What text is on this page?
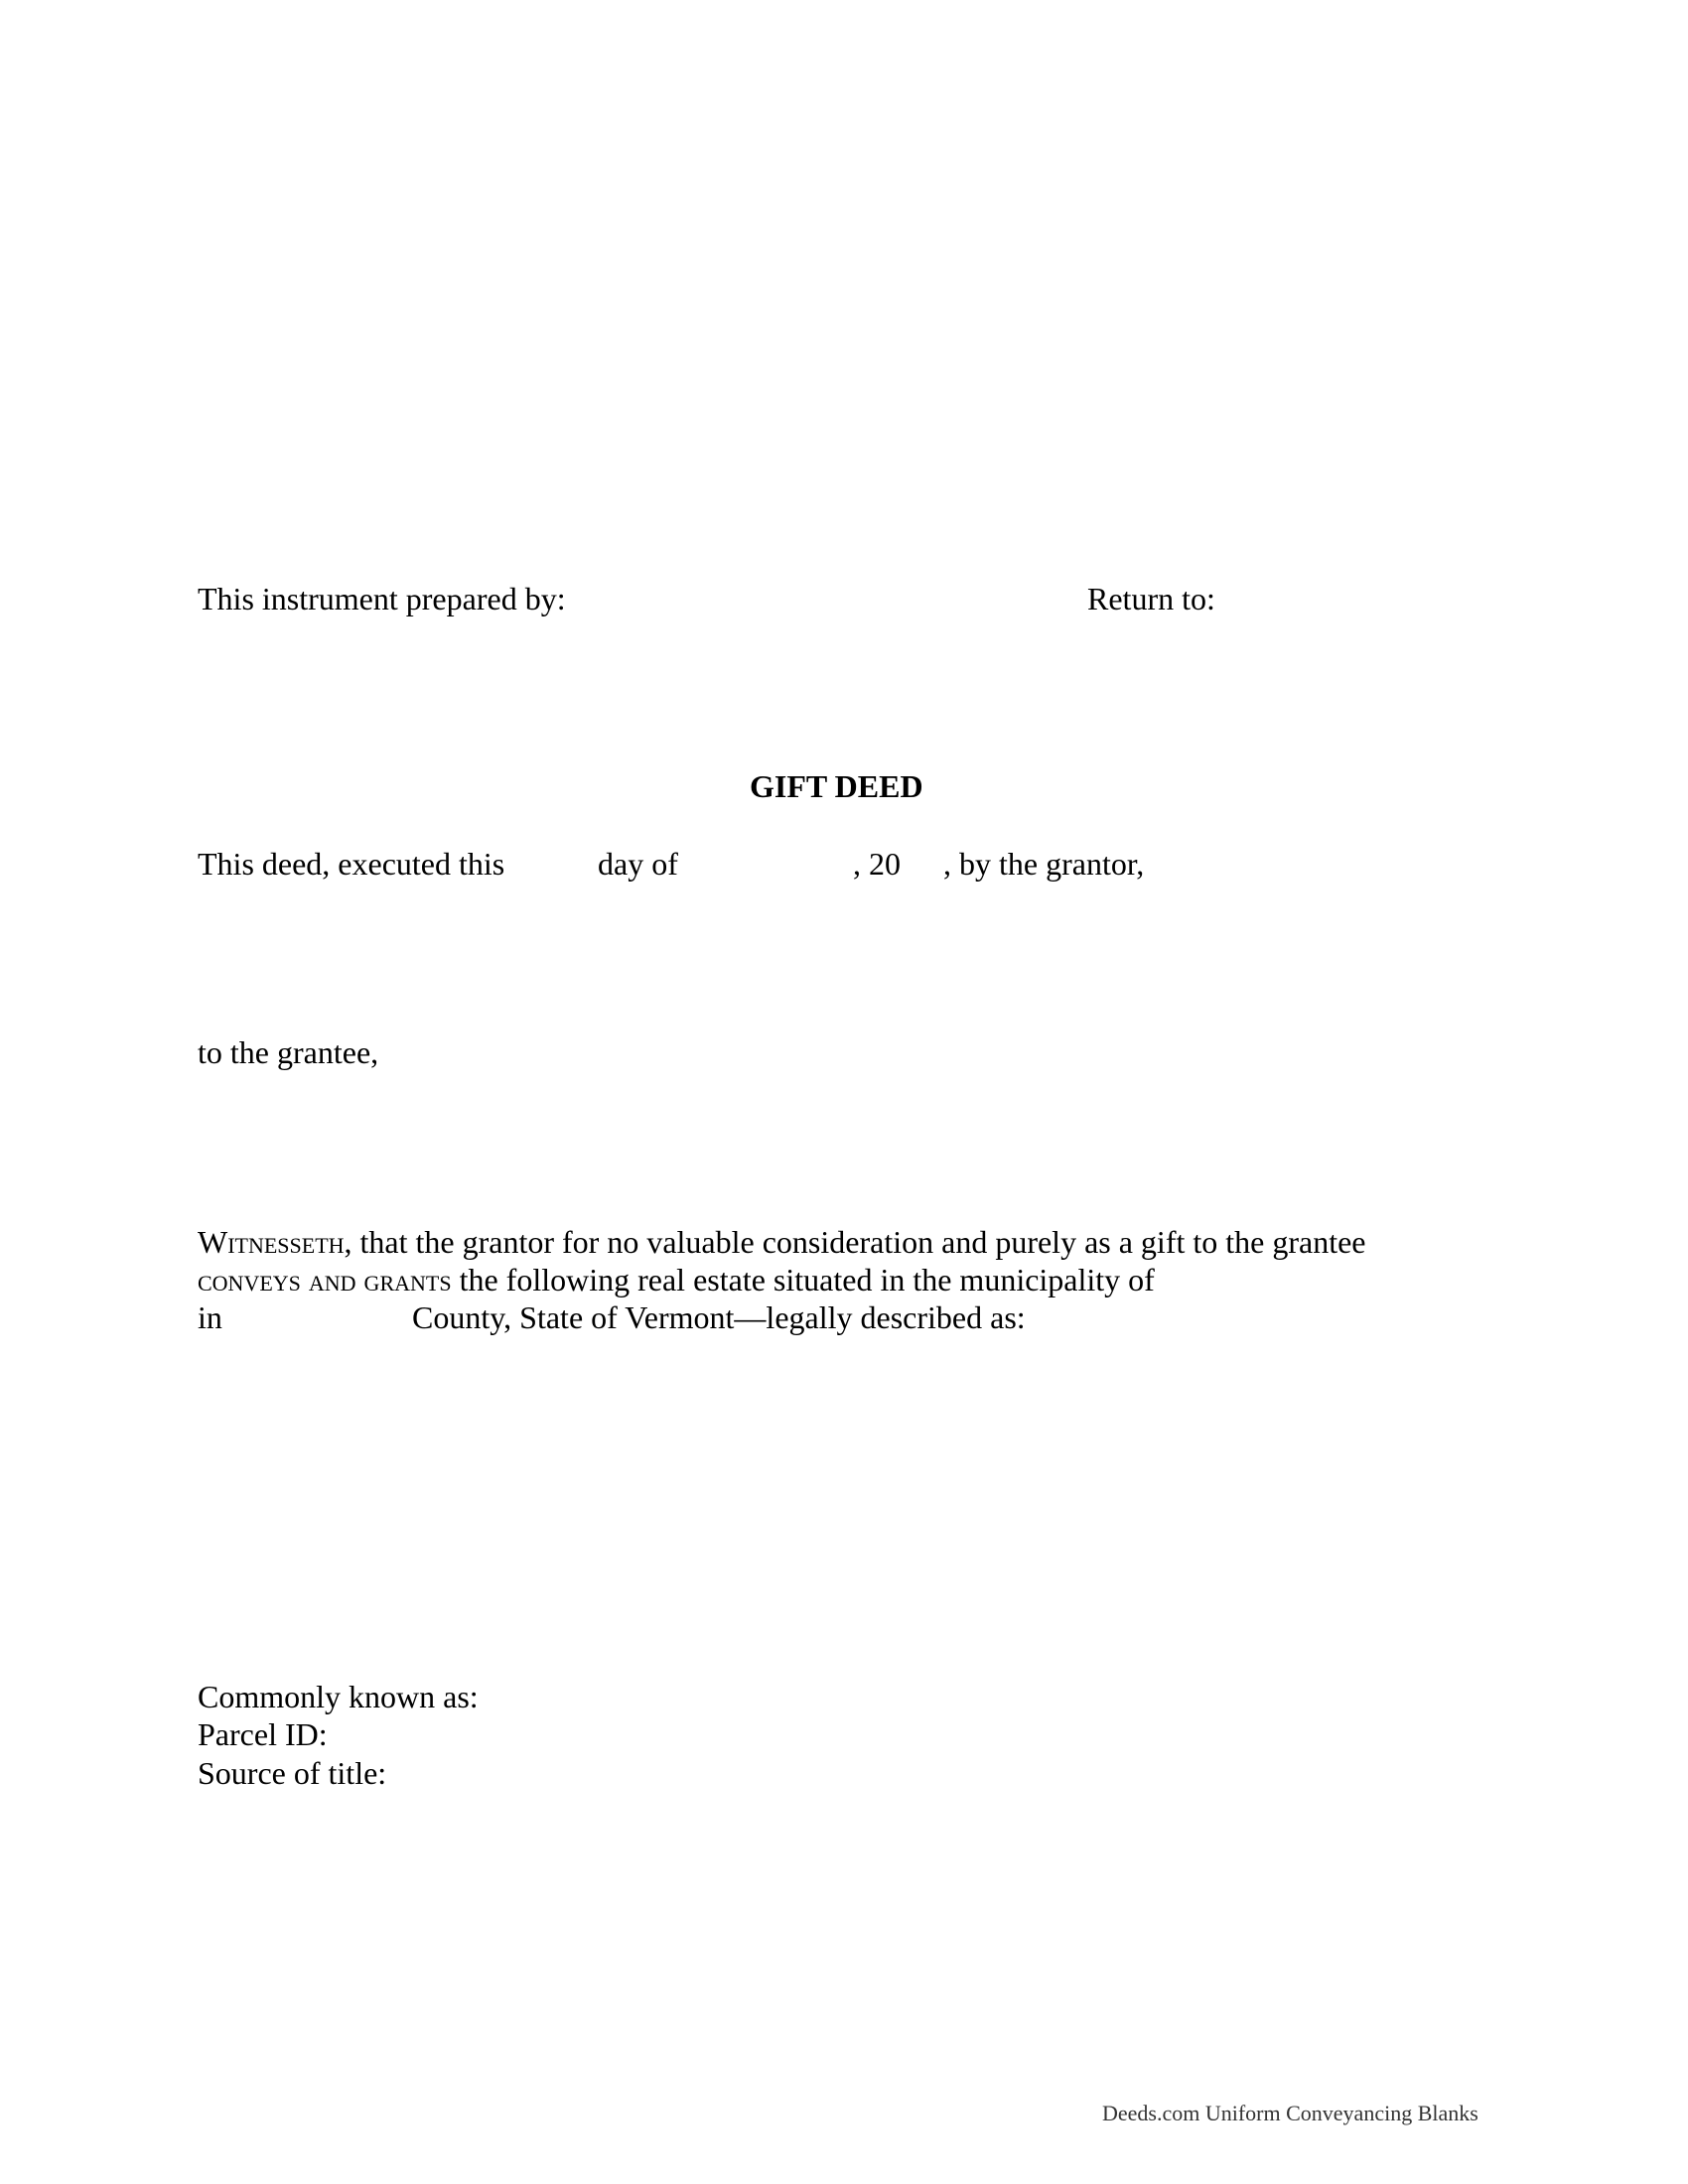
This instrument prepared by:	Return to:
GIFT DEED
This deed, executed this	day of	, 20 , by the grantor,
to the grantee,
Witnesseth, that the grantor for no valuable consideration and purely as a gift to the grantee
conveys and grants the following real estate situated in the municipality of
in	County, State of Vermont—legally described as:
Commonly known as:
Parcel ID:
Source of title:
Deeds.com Uniform Conveyancing Blanks
